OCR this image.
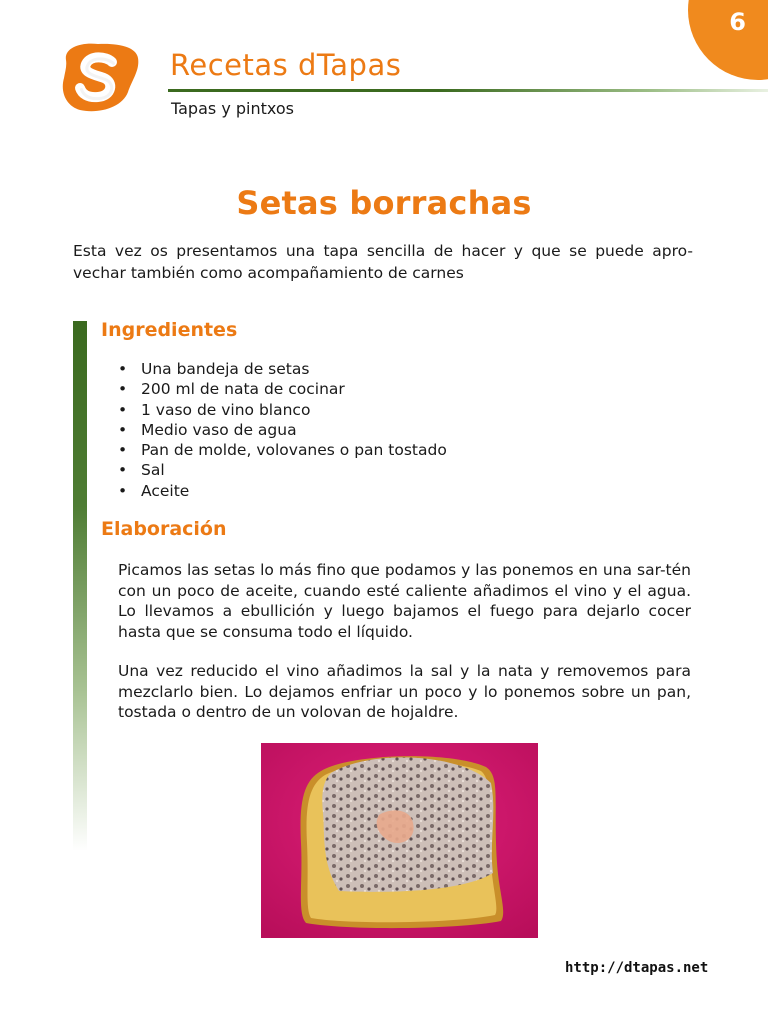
6
Recetas dTapas
Tapas y pintxos
Setas borrachas
Esta vez os presentamos una tapa sencilla de hacer y que se puede apro-vechar también como acompañamiento de carnes
Ingredientes
• Una bandeja de setas
• 200 ml de nata de cocinar
• 1 vaso de vino blanco
• Medio vaso de agua
• Pan de molde, volovanes o pan tostado
• Sal
• Aceite
Elaboración
Picamos las setas lo más fino que podamos y las ponemos en una sar-tén con un poco de aceite, cuando esté caliente añadimos el vino y el agua. Lo llevamos a ebullición y luego bajamos el fuego para dejarlo cocer hasta que se consuma todo el líquido.
Una vez reducido el vino añadimos la sal y la nata y removemos para mezclarlo bien. Lo dejamos enfriar un poco y lo ponemos sobre un pan, tostada o dentro de un volovan de hojaldre.
http://dtapas.net
